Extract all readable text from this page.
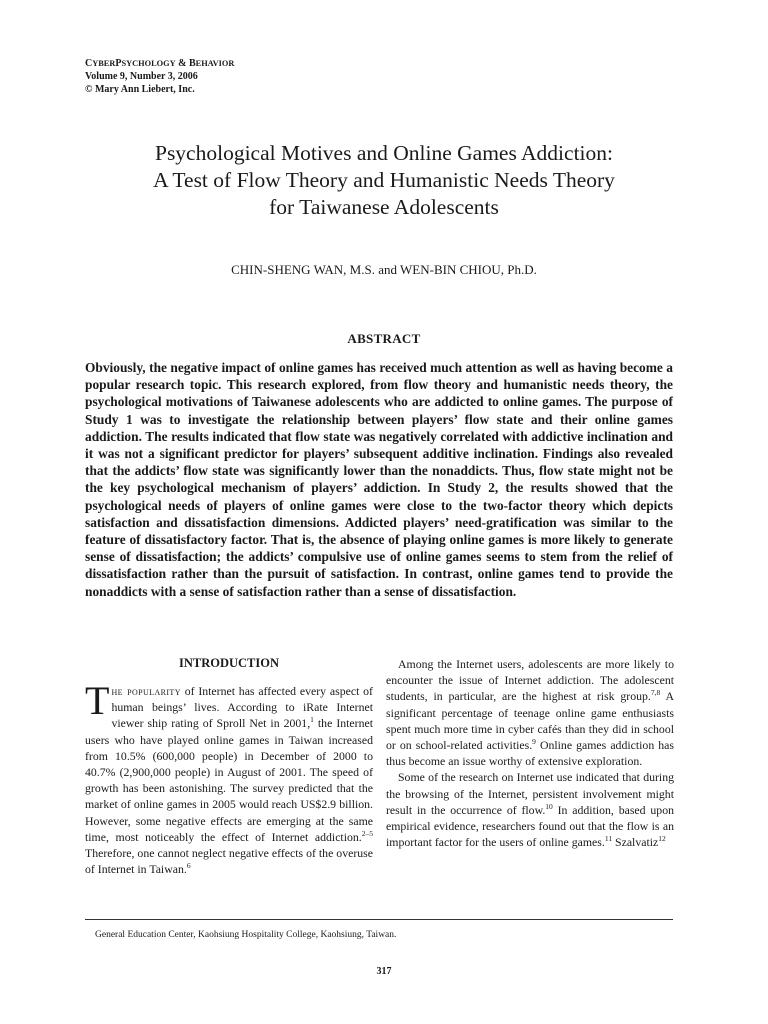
CYBERPSYCHOLOGY & BEHAVIOR
Volume 9, Number 3, 2006
© Mary Ann Liebert, Inc.
Psychological Motives and Online Games Addiction:
A Test of Flow Theory and Humanistic Needs Theory
for Taiwanese Adolescents
CHIN-SHENG WAN, M.S. and WEN-BIN CHIOU, Ph.D.
ABSTRACT

Obviously, the negative impact of online games has received much attention as well as having become a popular research topic. This research explored, from flow theory and humanistic needs theory, the psychological motivations of Taiwanese adolescents who are addicted to online games. The purpose of Study 1 was to investigate the relationship between players’ flow state and their online games addiction. The results indicated that flow state was negatively correlated with addictive inclination and it was not a significant predictor for players’ subsequent additive inclination. Findings also revealed that the addicts’ flow state was significantly lower than the nonaddicts. Thus, flow state might not be the key psychological mechanism of players’ addiction. In Study 2, the results showed that the psychological needs of players of online games were close to the two-factor theory which depicts satisfaction and dissatisfaction dimensions. Addicted players’ need-gratification was similar to the feature of dissatisfactory factor. That is, the absence of playing online games is more likely to generate sense of dissatisfaction; the addicts’ compulsive use of online games seems to stem from the relief of dissatisfaction rather than the pursuit of satisfaction. In contrast, online games tend to provide the nonaddicts with a sense of satisfaction rather than a sense of dissatisfaction.

INTRODUCTION

The popularity of Internet has affected every aspect of human beings’ lives. According to iRate Internet viewer ship rating of Sproll Net in 2001,$^1$ the Internet users who have played online games in Taiwan increased from 10.5% (600,000 people) in December of 2000 to 40.7% (2,900,000 people) in August of 2001. The speed of growth has been astonishing. The survey predicted that the market of online games in 2005 would reach US$2.9 billion. However, some negative effects are emerging at the same time, most noticeably the effect of Internet addiction.$^{2-5}$ Therefore, one cannot neglect negative effects of the overuse of Internet in Taiwan.$^6$

Among the Internet users, adolescents are more likely to encounter the issue of Internet addiction. The adolescent students, in particular, are the highest at risk group.$^{7,8}$ A significant percentage of teenage online game enthusiasts spent much more time in cyber cafés than they did in school or on school-related activities.$^9$ Online games addiction has thus become an issue worthy of extensive exploration.

Some of the research on Internet use indicated that during the browsing of the Internet, persistent involvement might result in the occurrence of flow.$^{10}$ In addition, based upon empirical evidence, researchers found out that the flow is an important factor for the users of online games.$^{11}$ Szalvatiz$^{12}$

General Education Center, Kaohsiung Hospitality College, Kaohsiung, Taiwan.
317
